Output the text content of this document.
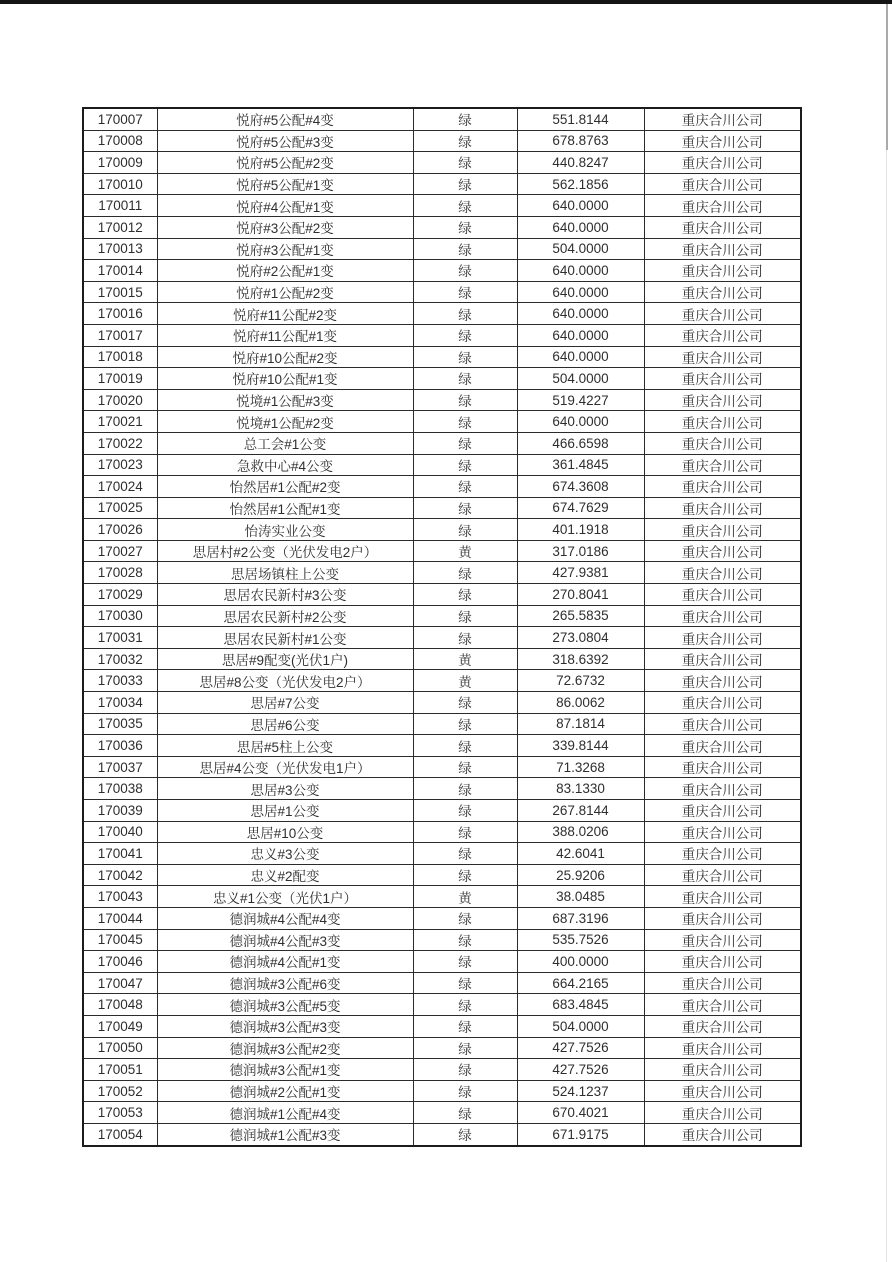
170007	悦府#5公配#4变	绿	551.8144	重庆合川公司
170008	悦府#5公配#3变	绿	678.8763	重庆合川公司
170009	悦府#5公配#2变	绿	440.8247	重庆合川公司
170010	悦府#5公配#1变	绿	562.1856	重庆合川公司
170011	悦府#4公配#1变	绿	640.0000	重庆合川公司
170012	悦府#3公配#2变	绿	640.0000	重庆合川公司
170013	悦府#3公配#1变	绿	504.0000	重庆合川公司
170014	悦府#2公配#1变	绿	640.0000	重庆合川公司
170015	悦府#1公配#2变	绿	640.0000	重庆合川公司
170016	悦府#11公配#2变	绿	640.0000	重庆合川公司
170017	悦府#11公配#1变	绿	640.0000	重庆合川公司
170018	悦府#10公配#2变	绿	640.0000	重庆合川公司
170019	悦府#10公配#1变	绿	504.0000	重庆合川公司
170020	悦境#1公配#3变	绿	519.4227	重庆合川公司
170021	悦境#1公配#2变	绿	640.0000	重庆合川公司
170022	总工会#1公变	绿	466.6598	重庆合川公司
170023	急救中心#4公变	绿	361.4845	重庆合川公司
170024	怡然居#1公配#2变	绿	674.3608	重庆合川公司
170025	怡然居#1公配#1变	绿	674.7629	重庆合川公司
170026	怡涛实业公变	绿	401.1918	重庆合川公司
170027	思居村#2公变（光伏发电2户）	黄	317.0186	重庆合川公司
170028	思居场镇柱上公变	绿	427.9381	重庆合川公司
170029	思居农民新村#3公变	绿	270.8041	重庆合川公司
170030	思居农民新村#2公变	绿	265.5835	重庆合川公司
170031	思居农民新村#1公变	绿	273.0804	重庆合川公司
170032	思居#9配变(光伏1户)	黄	318.6392	重庆合川公司
170033	思居#8公变（光伏发电2户）	黄	72.6732	重庆合川公司
170034	思居#7公变	绿	86.0062	重庆合川公司
170035	思居#6公变	绿	87.1814	重庆合川公司
170036	思居#5柱上公变	绿	339.8144	重庆合川公司
170037	思居#4公变（光伏发电1户）	绿	71.3268	重庆合川公司
170038	思居#3公变	绿	83.1330	重庆合川公司
170039	思居#1公变	绿	267.8144	重庆合川公司
170040	思居#10公变	绿	388.0206	重庆合川公司
170041	忠义#3公变	绿	42.6041	重庆合川公司
170042	忠义#2配变	绿	25.9206	重庆合川公司
170043	忠义#1公变（光伏1户）	黄	38.0485	重庆合川公司
170044	德润城#4公配#4变	绿	687.3196	重庆合川公司
170045	德润城#4公配#3变	绿	535.7526	重庆合川公司
170046	德润城#4公配#1变	绿	400.0000	重庆合川公司
170047	德润城#3公配#6变	绿	664.2165	重庆合川公司
170048	德润城#3公配#5变	绿	683.4845	重庆合川公司
170049	德润城#3公配#3变	绿	504.0000	重庆合川公司
170050	德润城#3公配#2变	绿	427.7526	重庆合川公司
170051	德润城#3公配#1变	绿	427.7526	重庆合川公司
170052	德润城#2公配#1变	绿	524.1237	重庆合川公司
170053	德润城#1公配#4变	绿	670.4021	重庆合川公司
170054	德润城#1公配#3变	绿	671.9175	重庆合川公司
